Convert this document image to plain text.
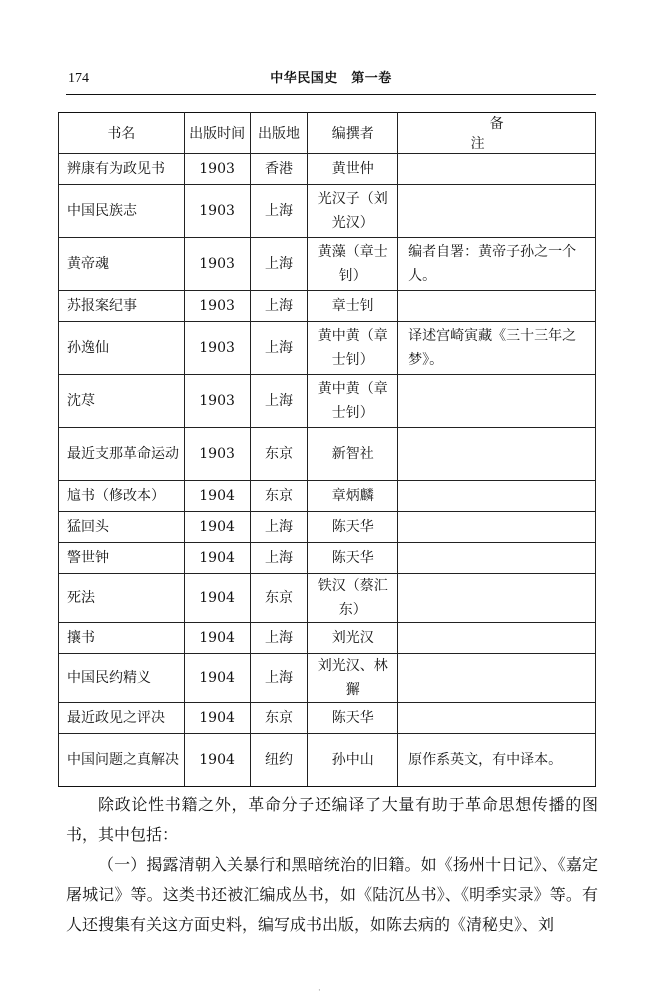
174	中华民国史　第一卷
书名	出版时间	出版地	编撰者	备　注
辨康有为政见书	1903	香港	黄世仲	
中国民族志	1903	上海	光汉子（刘光汉）	
黄帝魂	1903	上海	黄藻（章士钊）	编者自署：黄帝子孙之一个人。
苏报案纪事	1903	上海	章士钊	
孙逸仙	1903	上海	黄中黄（章士钊）	译述宫崎寅藏《三十三年之梦》。
沈荩	1903	上海	黄中黄（章士钊）	
最近支那革命运动	1903	东京	新智社	
訄书（修改本）	1904	东京	章炳麟	
猛回头	1904	上海	陈天华	
警世钟	1904	上海	陈天华	
死法	1904	东京	铁汉（蔡汇东）	
攘书	1904	上海	刘光汉	
中国民约精义	1904	上海	刘光汉、林獬	
最近政见之评决	1904	东京	陈天华	
中国问题之真解决	1904	纽约	孙中山	原作系英文，有中译本。

除政论性书籍之外，革命分子还编译了大量有助于革命思想传播的图书，其中包括：

（一）揭露清朝入关暴行和黑暗统治的旧籍。如《扬州十日记》、《嘉定屠城记》等。这类书还被汇编成丛书，如《陆沉丛书》、《明季实录》等。有人还搜集有关这方面史料，编写成书出版，如陈去病的《清秘史》、刘

·
